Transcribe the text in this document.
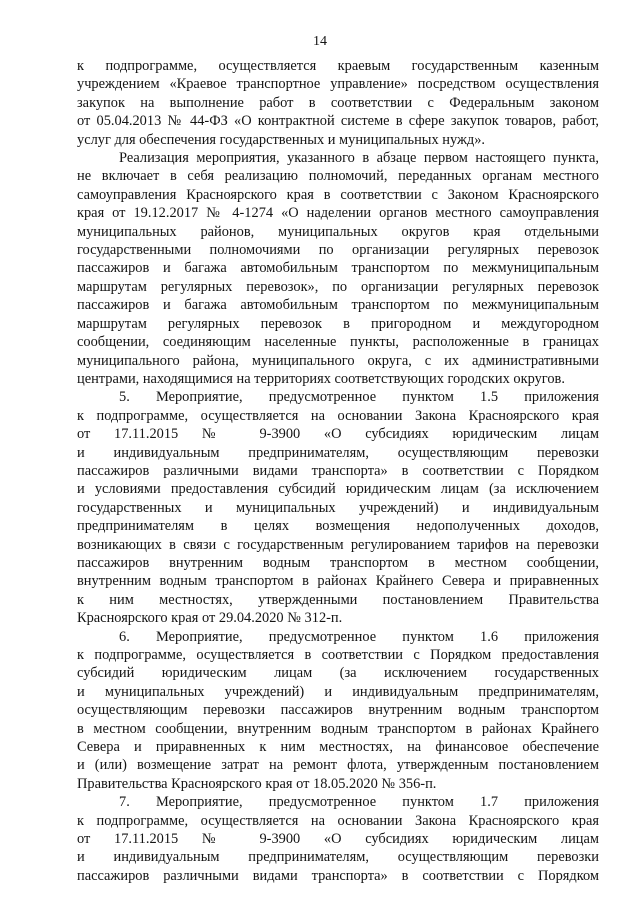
14
к подпрограмме, осуществляется краевым государственным казенным
учреждением «Краевое транспортное управление» посредством осуществления
закупок на выполнение работ в соответствии с Федеральным законом
от 05.04.2013 № 44-ФЗ «О контрактной системе в сфере закупок товаров, работ,
услуг для обеспечения государственных и муниципальных нужд».
Реализация мероприятия, указанного в абзаце первом настоящего пункта,
не включает в себя реализацию полномочий, переданных органам местного
самоуправления Красноярского края в соответствии с Законом Красноярского
края от 19.12.2017 № 4-1274 «О наделении органов местного самоуправления
муниципальных районов, муниципальных округов края отдельными
государственными полномочиями по организации регулярных перевозок
пассажиров и багажа автомобильным транспортом по межмуниципальным
маршрутам регулярных перевозок», по организации регулярных перевозок
пассажиров и багажа автомобильным транспортом по межмуниципальным
маршрутам регулярных перевозок в пригородном и междугородном
сообщении, соединяющим населенные пункты, расположенные в границах
муниципального района, муниципального округа, с их административными
центрами, находящимися на территориях соответствующих городских округов.
5. Мероприятие, предусмотренное пунктом 1.5 приложения
к подпрограмме, осуществляется на основании Закона Красноярского края
от 17.11.2015 № 9-3900 «О субсидиях юридическим лицам
и индивидуальным предпринимателям, осуществляющим перевозки
пассажиров различными видами транспорта» в соответствии с Порядком
и условиями предоставления субсидий юридическим лицам (за исключением
государственных и муниципальных учреждений) и индивидуальным
предпринимателям в целях возмещения недополученных доходов,
возникающих в связи с государственным регулированием тарифов на перевозки
пассажиров внутренним водным транспортом в местном сообщении,
внутренним водным транспортом в районах Крайнего Севера и приравненных
к ним местностях, утвержденными постановлением Правительства
Красноярского края от 29.04.2020 № 312-п.
6. Мероприятие, предусмотренное пунктом 1.6 приложения
к подпрограмме, осуществляется в соответствии с Порядком предоставления
субсидий юридическим лицам (за исключением государственных
и муниципальных учреждений) и индивидуальным предпринимателям,
осуществляющим перевозки пассажиров внутренним водным транспортом
в местном сообщении, внутренним водным транспортом в районах Крайнего
Севера и приравненных к ним местностях, на финансовое обеспечение
и (или) возмещение затрат на ремонт флота, утвержденным постановлением
Правительства Красноярского края от 18.05.2020 № 356-п.
7. Мероприятие, предусмотренное пунктом 1.7 приложения
к подпрограмме, осуществляется на основании Закона Красноярского края
от 17.11.2015 № 9-3900 «О субсидиях юридическим лицам
и индивидуальным предпринимателям, осуществляющим перевозки
пассажиров различными видами транспорта» в соответствии с Порядком
